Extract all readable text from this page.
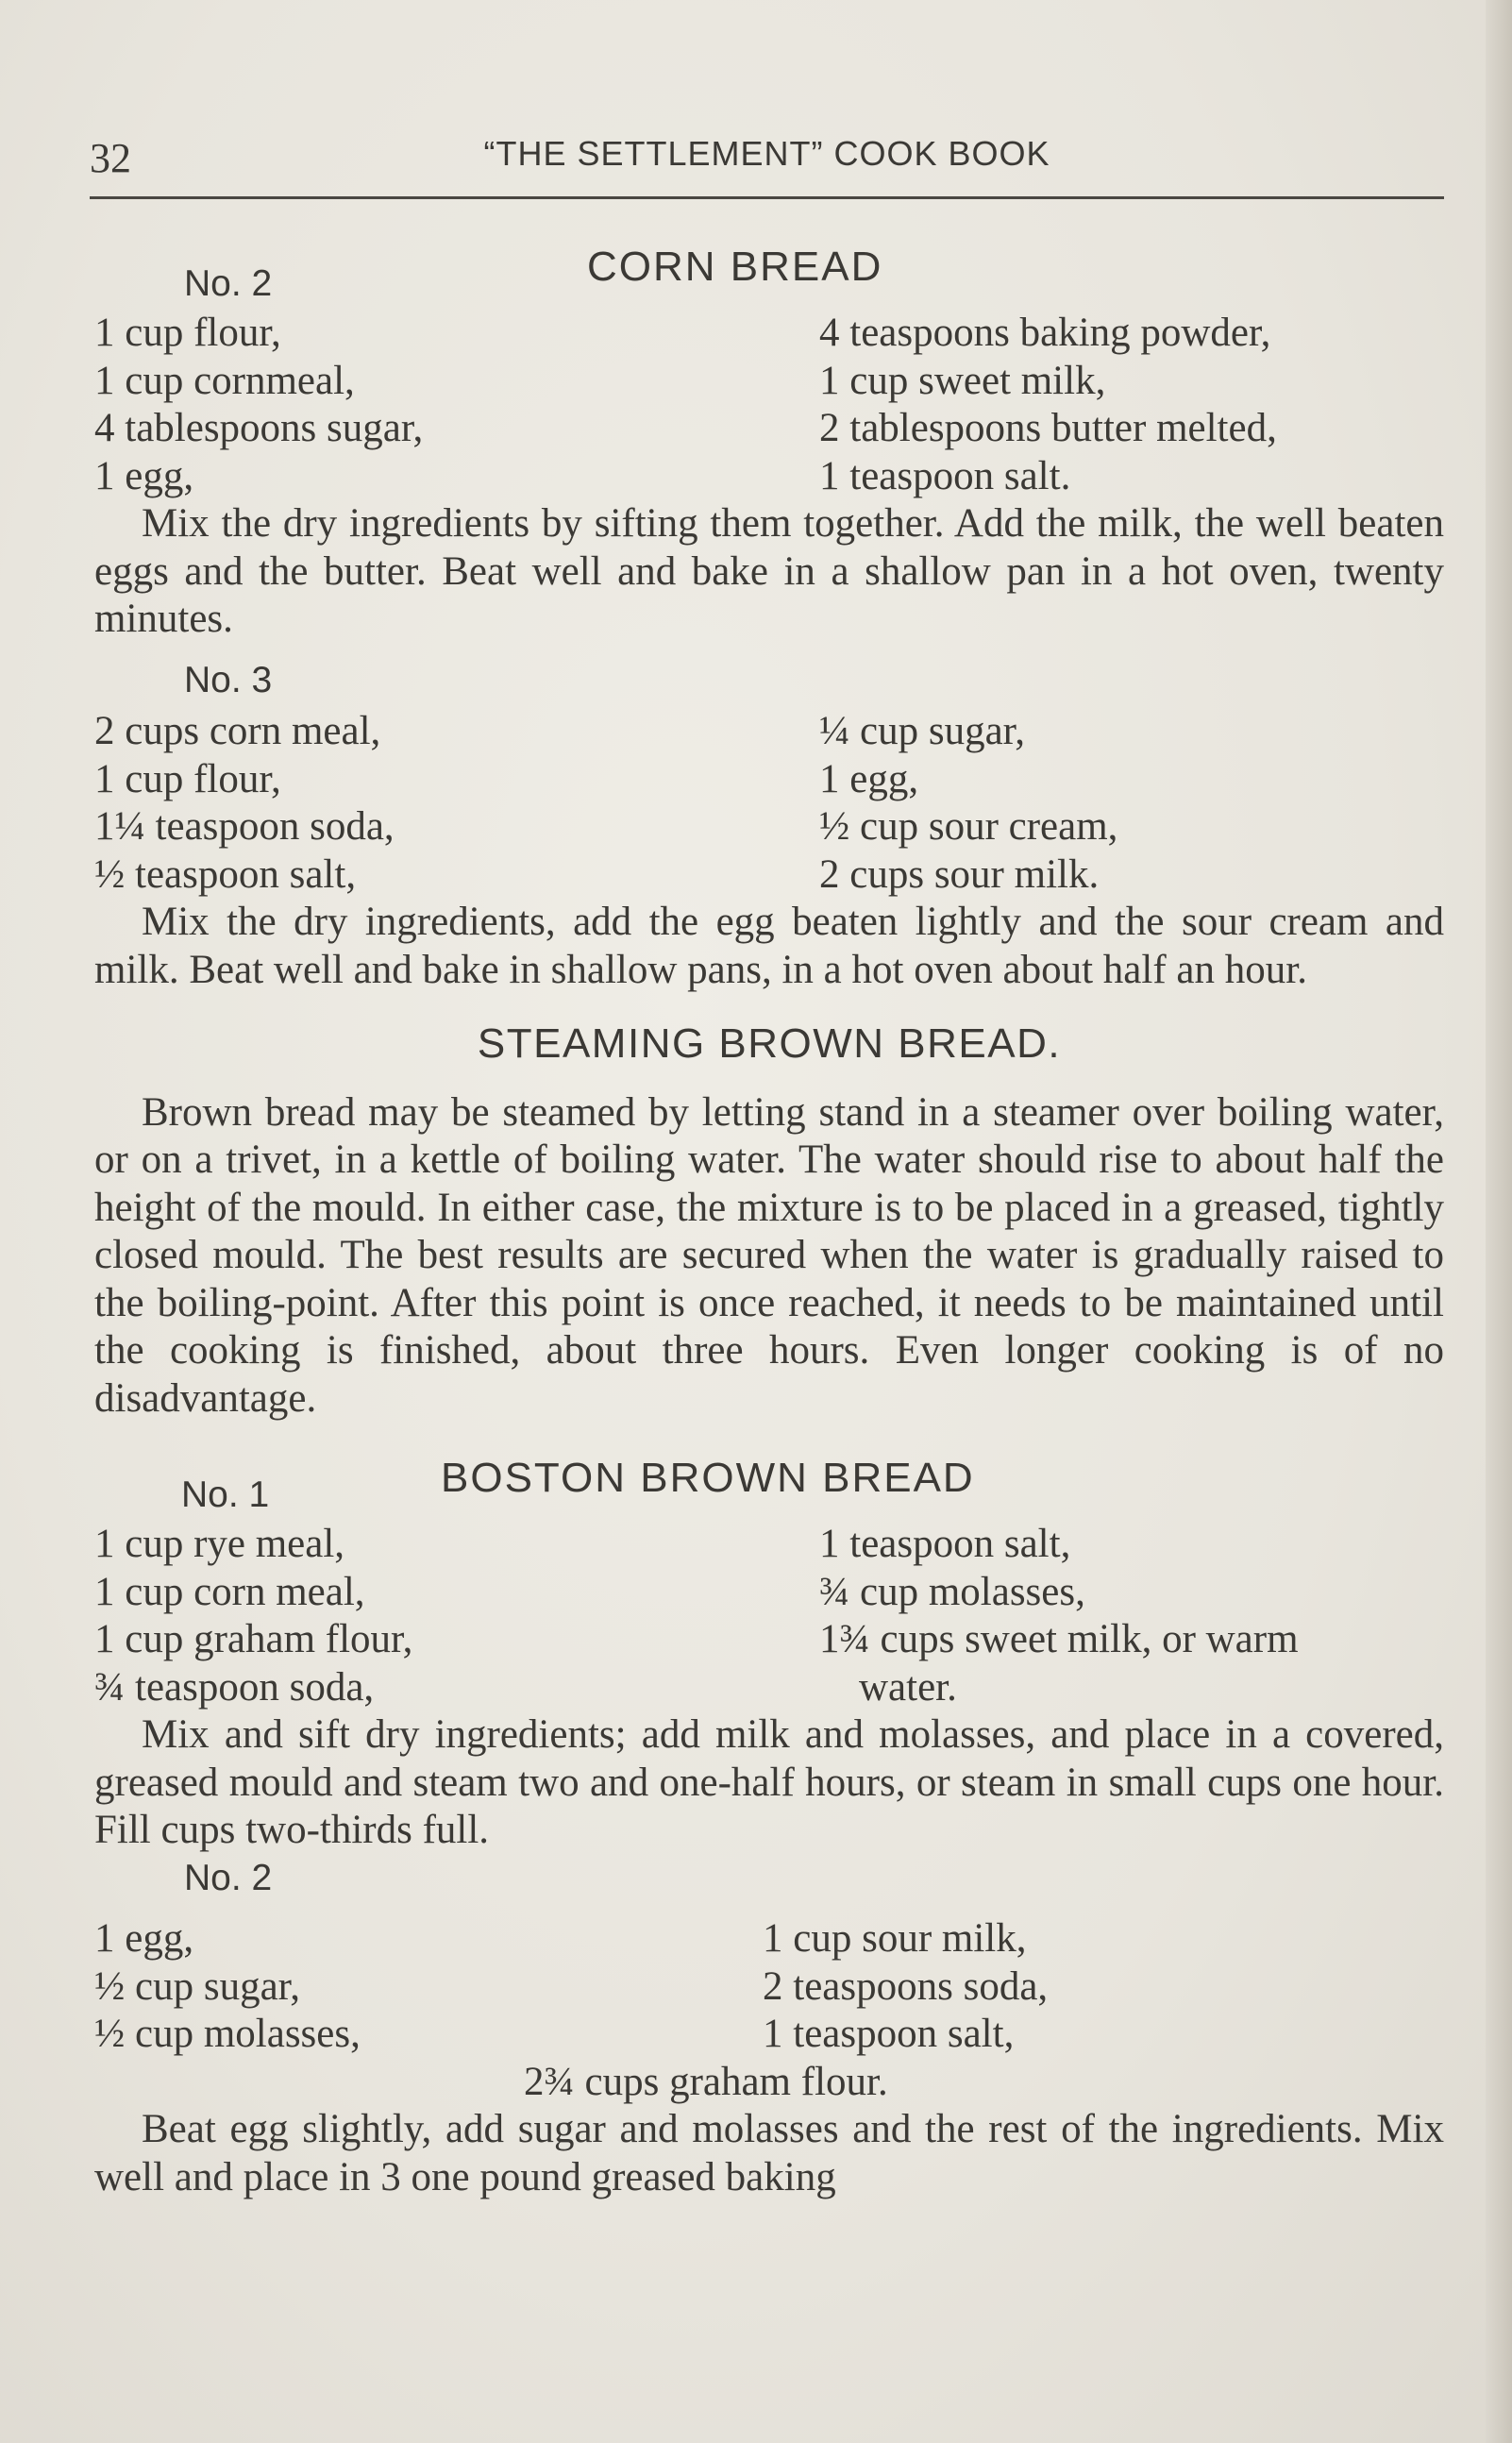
32	“THE SETTLEMENT” COOK BOOK
No. 2	CORN BREAD
1 cup flour,	4 teaspoons baking powder,
1 cup cornmeal,	1 cup sweet milk,
4 tablespoons sugar,	2 tablespoons butter melted,
1 egg,	1 teaspoon salt.

Mix the dry ingredients by sifting them together. Add the milk, the well beaten eggs and the butter. Beat well and bake in a shallow pan in a hot oven, twenty minutes.

No. 3
2 cups corn meal,	¼ cup sugar,
1 cup flour,	1 egg,
1¼ teaspoon soda,	½ cup sour cream,
½ teaspoon salt,	2 cups sour milk.

Mix the dry ingredients, add the egg beaten lightly and the sour cream and milk. Beat well and bake in shallow pans, in a hot oven about half an hour.

STEAMING BROWN BREAD.

Brown bread may be steamed by letting stand in a steamer over boiling water, or on a trivet, in a kettle of boiling water. The water should rise to about half the height of the mould. In either case, the mixture is to be placed in a greased, tightly closed mould. The best results are secured when the water is gradually raised to the boiling-point. After this point is once reached, it needs to be maintained until the cooking is finished, about three hours. Even longer cooking is of no disadvantage.

No. 1	BOSTON BROWN BREAD
1 cup rye meal,	1 teaspoon salt,
1 cup corn meal,	¾ cup molasses,
1 cup graham flour,	1¾ cups sweet milk, or warm
¾ teaspoon soda,	water.

Mix and sift dry ingredients; add milk and molasses, and place in a covered, greased mould and steam two and one-half hours, or steam in small cups one hour. Fill cups two-thirds full.

No. 2
1 egg,	1 cup sour milk,
½ cup sugar,	2 teaspoons soda,
½ cup molasses,	1 teaspoon salt,
2¾ cups graham flour.

Beat egg slightly, add sugar and molasses and the rest of the ingredients. Mix well and place in 3 one pound greased baking
